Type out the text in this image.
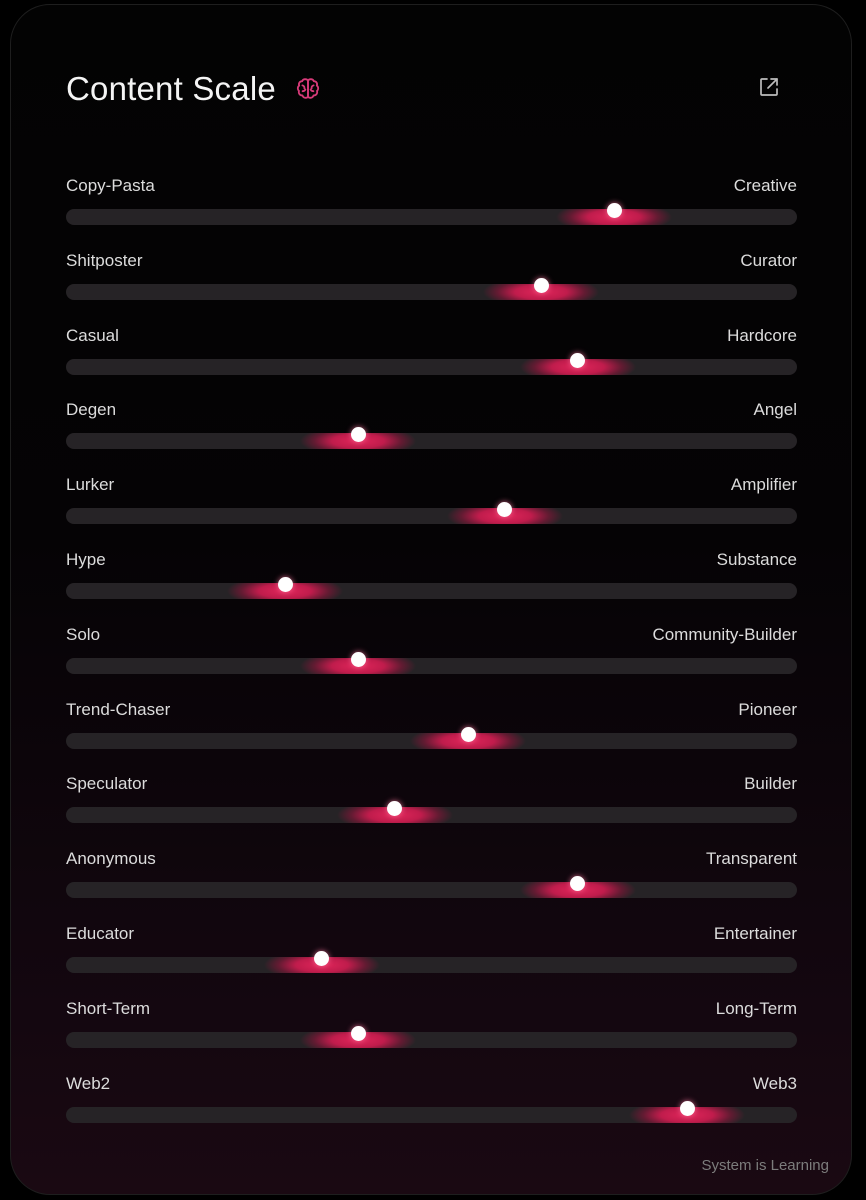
Content Scale
Copy-Pasta	Creative
Shitposter	Curator
Casual	Hardcore
Degen	Angel
Lurker	Amplifier
Hype	Substance
Solo	Community-Builder
Trend-Chaser	Pioneer
Speculator	Builder
Anonymous	Transparent
Educator	Entertainer
Short-Term	Long-Term
Web2	Web3
System is Learning
